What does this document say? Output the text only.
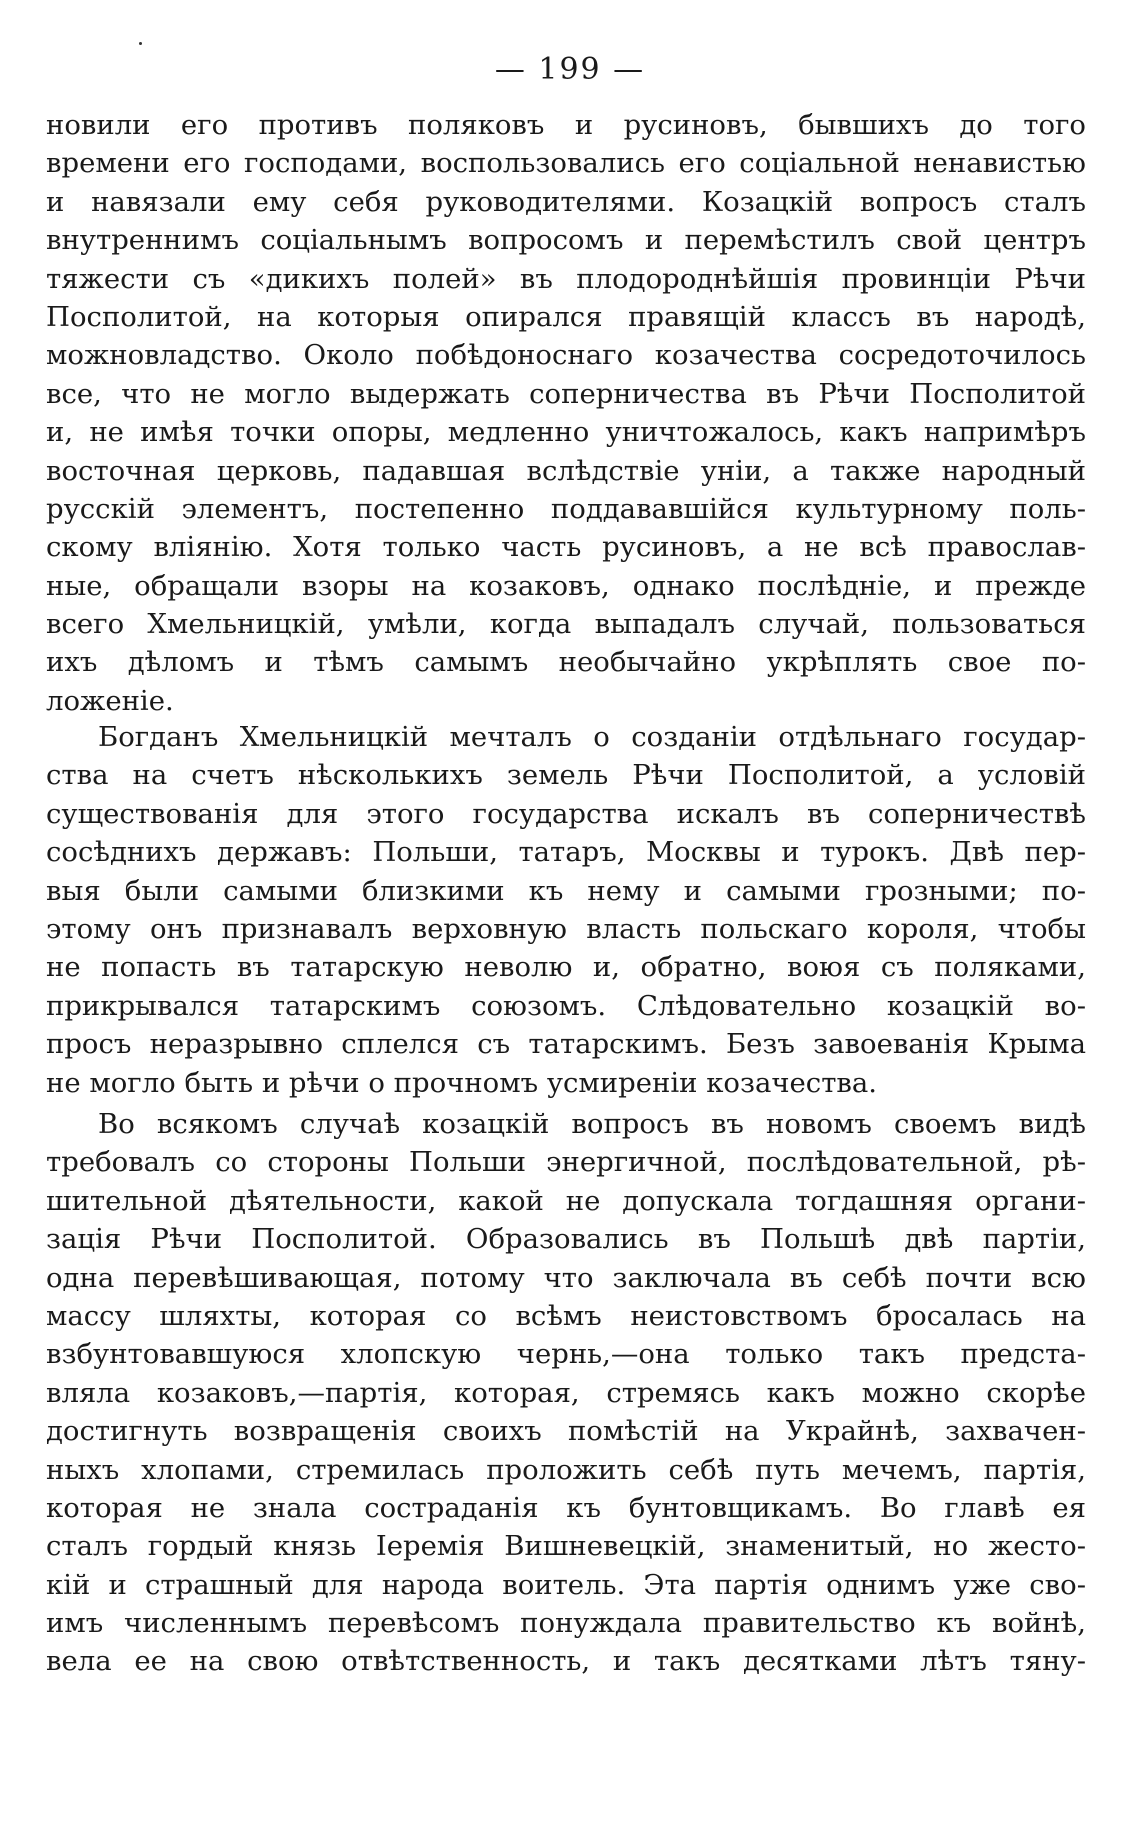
— 199 —
новили его противъ поляковъ и русиновъ, бывшихъ до того
времени его господами, воспользовались его соціальной ненавистью
и навязали ему себя руководителями. Козацкій вопросъ сталъ
внутреннимъ соціальнымъ вопросомъ и перемѣстилъ свой центръ
тяжести съ «дикихъ полей» въ плодороднѣйшія провинціи Рѣчи
Посполитой, на которыя опирался правящій классъ въ народѣ,
можновладство. Около побѣдоноснаго козачества сосредоточилось
все, что не могло выдержать соперничества въ Рѣчи Посполитой
и, не имѣя точки опоры, медленно уничтожалось, какъ напримѣръ
восточная церковь, падавшая вслѣдствіе уніи, а также народный
русскій элементъ, постепенно поддававшійся культурному поль-
скому вліянію. Хотя только часть русиновъ, а не всѣ православ-
ные, обращали взоры на козаковъ, однако послѣдніе, и прежде
всего Хмельницкій, умѣли, когда выпадалъ случай, пользоваться
ихъ дѣломъ и тѣмъ самымъ необычайно укрѣплять свое по-
ложеніе.
Богданъ Хмельницкій мечталъ о созданіи отдѣльнаго государ-
ства на счетъ нѣсколькихъ земель Рѣчи Посполитой, а условій
существованія для этого государства искалъ въ соперничествѣ
сосѣднихъ державъ: Польши, татаръ, Москвы и турокъ. Двѣ пер-
выя были самыми близкими къ нему и самыми грозными; по-
этому онъ признавалъ верховную власть польскаго короля, чтобы
не попасть въ татарскую неволю и, обратно, воюя съ поляками,
прикрывался татарскимъ союзомъ. Слѣдовательно козацкій во-
просъ неразрывно сплелся съ татарскимъ. Безъ завоеванія Крыма
не могло быть и рѣчи о прочномъ усмиреніи козачества.
Во всякомъ случаѣ козацкій вопросъ въ новомъ своемъ видѣ
требовалъ со стороны Польши энергичной, послѣдовательной, рѣ-
шительной дѣятельности, какой не допускала тогдашняя органи-
зація Рѣчи Посполитой. Образовались въ Польшѣ двѣ партіи,
одна перевѣшивающая, потому что заключала въ себѣ почти всю
массу шляхты, которая со всѣмъ неистовствомъ бросалась на
взбунтовавшуюся хлопскую чернь,—она только такъ предста-
вляла козаковъ,—партія, которая, стремясь какъ можно скорѣе
достигнуть возвращенія своихъ помѣстій на Украйнѣ, захвачен-
ныхъ хлопами, стремилась проложить себѣ путь мечемъ, партія,
которая не знала состраданія къ бунтовщикамъ. Во главѣ ея
сталъ гордый князь Іеремія Вишневецкій, знаменитый, но жесто-
кій и страшный для народа воитель. Эта партія однимъ уже сво-
имъ численнымъ перевѣсомъ понуждала правительство къ войнѣ,
вела ее на свою отвѣтственность, и такъ десятками лѣтъ тяну-
